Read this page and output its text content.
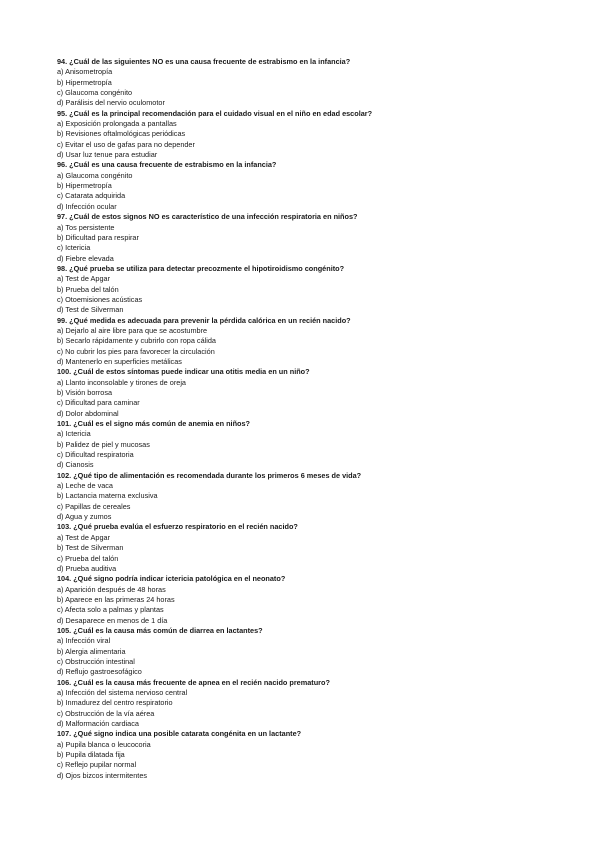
94. ¿Cuál de las siguientes NO es una causa frecuente de estrabismo en la infancia?
a) Anisometropía
b) Hipermetropía
c) Glaucoma congénito
d) Parálisis del nervio oculomotor
95. ¿Cuál es la principal recomendación para el cuidado visual en el niño en edad escolar?
a) Exposición prolongada a pantallas
b) Revisiones oftalmológicas periódicas
c) Evitar el uso de gafas para no depender
d) Usar luz tenue para estudiar
96. ¿Cuál es una causa frecuente de estrabismo en la infancia?
a) Glaucoma congénito
b) Hipermetropía
c) Catarata adquirida
d) Infección ocular
97. ¿Cuál de estos signos NO es característico de una infección respiratoria en niños?
a) Tos persistente
b) Dificultad para respirar
c) Ictericia
d) Fiebre elevada
98. ¿Qué prueba se utiliza para detectar precozmente el hipotiroidismo congénito?
a) Test de Apgar
b) Prueba del talón
c) Otoemisiones acústicas
d) Test de Silverman
99. ¿Qué medida es adecuada para prevenir la pérdida calórica en un recién nacido?
a) Dejarlo al aire libre para que se acostumbre
b) Secarlo rápidamente y cubrirlo con ropa cálida
c) No cubrir los pies para favorecer la circulación
d) Mantenerlo en superficies metálicas
100. ¿Cuál de estos síntomas puede indicar una otitis media en un niño?
a) Llanto inconsolable y tirones de oreja
b) Visión borrosa
c) Dificultad para caminar
d) Dolor abdominal
101. ¿Cuál es el signo más común de anemia en niños?
a) Ictericia
b) Palidez de piel y mucosas
c) Dificultad respiratoria
d) Cianosis
102. ¿Qué tipo de alimentación es recomendada durante los primeros 6 meses de vida?
a) Leche de vaca
b) Lactancia materna exclusiva
c) Papillas de cereales
d) Agua y zumos
103. ¿Qué prueba evalúa el esfuerzo respiratorio en el recién nacido?
a) Test de Apgar
b) Test de Silverman
c) Prueba del talón
d) Prueba auditiva
104. ¿Qué signo podría indicar ictericia patológica en el neonato?
a) Aparición después de 48 horas
b) Aparece en las primeras 24 horas
c) Afecta solo a palmas y plantas
d) Desaparece en menos de 1 día
105. ¿Cuál es la causa más común de diarrea en lactantes?
a) Infección viral
b) Alergia alimentaria
c) Obstrucción intestinal
d) Reflujo gastroesofágico
106. ¿Cuál es la causa más frecuente de apnea en el recién nacido prematuro?
a) Infección del sistema nervioso central
b) Inmadurez del centro respiratorio
c) Obstrucción de la vía aérea
d) Malformación cardiaca
107. ¿Qué signo indica una posible catarata congénita en un lactante?
a) Pupila blanca o leucocoria
b) Pupila dilatada fija
c) Reflejo pupilar normal
d) Ojos bizcos intermitentes
